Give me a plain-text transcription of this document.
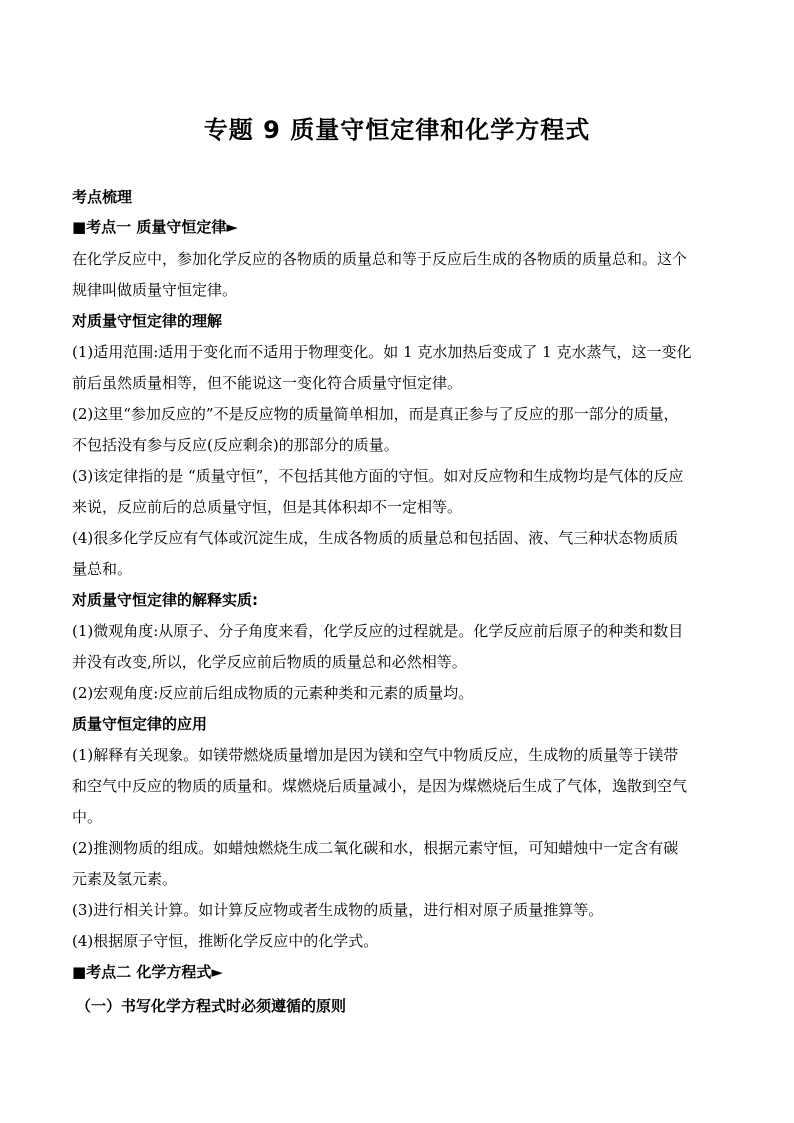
专题 9 质量守恒定律和化学方程式

考点梳理

■考点一 质量守恒定律►

在化学反应中，参加化学反应的各物质的质量总和等于反应后生成的各物质的质量总和。这个

规律叫做质量守恒定律。

对质量守恒定律的理解

(1)适用范围:适用于变化而不适用于物理变化。如 1 克水加热后变成了 1 克水蒸气，这一变化

前后虽然质量相等，但不能说这一变化符合质量守恒定律。

(2)这里“参加反应的”不是反应物的质量简单相加，而是真正参与了反应的那一部分的质量，

不包括没有参与反应(反应剩余)的那部分的质量。

(3)该定律指的是 “质量守恒”，不包括其他方面的守恒。如对反应物和生成物均是气体的反应

来说，反应前后的总质量守恒，但是其体积却不一定相等。

(4)很多化学反应有气体或沉淀生成，生成各物质的质量总和包括固、液、气三种状态物质质

量总和。

对质量守恒定律的解释实质:

(1)微观角度:从原子、分子角度来看，化学反应的过程就是。化学反应前后原子的种类和数目

并没有改变,所以，化学反应前后物质的质量总和必然相等。

(2)宏观角度:反应前后组成物质的元素种类和元素的质量均。

质量守恒定律的应用

(1)解释有关现象。如镁带燃烧质量增加是因为镁和空气中物质反应，生成物的质量等于镁带

和空气中反应的物质的质量和。煤燃烧后质量减小，是因为煤燃烧后生成了气体，逸散到空气

中。

(2)推测物质的组成。如蜡烛燃烧生成二氧化碳和水，根据元素守恒，可知蜡烛中一定含有碳

元素及氢元素。

(3)进行相关计算。如计算反应物或者生成物的质量，进行相对原子质量推算等。

(4)根据原子守恒，推断化学反应中的化学式。

■考点二 化学方程式►

（一）书写化学方程式时必须遵循的原则
